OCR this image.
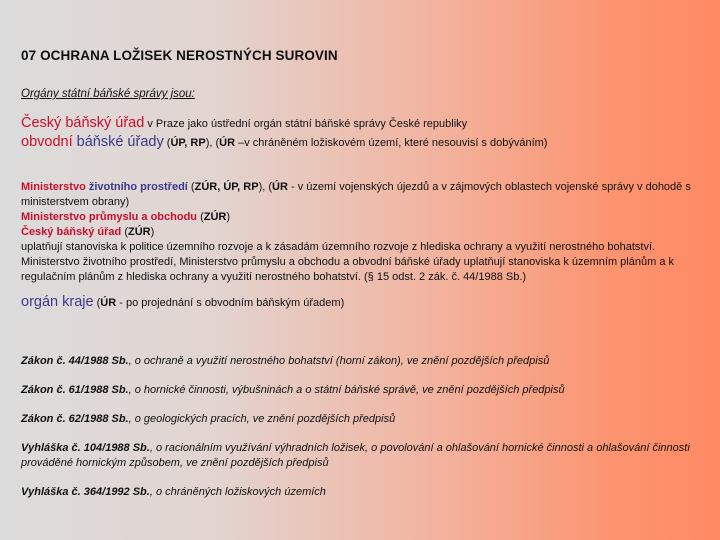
07 OCHRANA LOŽISEK NEROSTNÝCH SUROVIN
Orgány státní báňské správy jsou:
Český báňský úřad v Praze jako ústřední orgán státní báňské správy České republiky
obvodní báňské úřady (ÚP, RP), (ÚR –v chráněném ložiskovém území, které nesouvisí s dobýváním)
Ministerstvo životního prostředí (ZÚR, ÚP, RP), (ÚR - v území vojenských újezdů a v zájmových oblastech vojenské správy v dohodě s ministerstvem obrany)
Ministerstvo průmyslu a obchodu (ZÚR)
Český báňský úřad (ZÚR)
uplatňují stanoviska k politice územního rozvoje a k zásadám územního rozvoje z hlediska ochrany a využití nerostného bohatství. Ministerstvo životního prostředí, Ministerstvo průmyslu a obchodu a obvodní báňské úřady uplatňují stanoviska k územním plánům a k regulačním plánům z hlediska ochrany a využití nerostného bohatství. (§ 15 odst. 2 zák. č. 44/1988 Sb.)
orgán kraje (ÚR - po projednání s obvodním báňským úřadem)
Zákon č. 44/1988 Sb., o ochraně a využití nerostného bohatství (horní zákon), ve znění pozdějších předpisů
Zákon č. 61/1988 Sb., o hornické činnosti, výbušninách a o státní báňské správě, ve znění pozdějších předpisů
Zákon č. 62/1988 Sb., o geologických pracích, ve znění pozdějších předpisů
Vyhláška č. 104/1988 Sb., o racionálním využívání výhradních ložisek, o povolování a ohlašování hornické činnosti a ohlašování činnosti prováděné hornickým způsobem, ve znění pozdějších předpisů
Vyhláška č. 364/1992 Sb., o chráněných ložiskových územích
